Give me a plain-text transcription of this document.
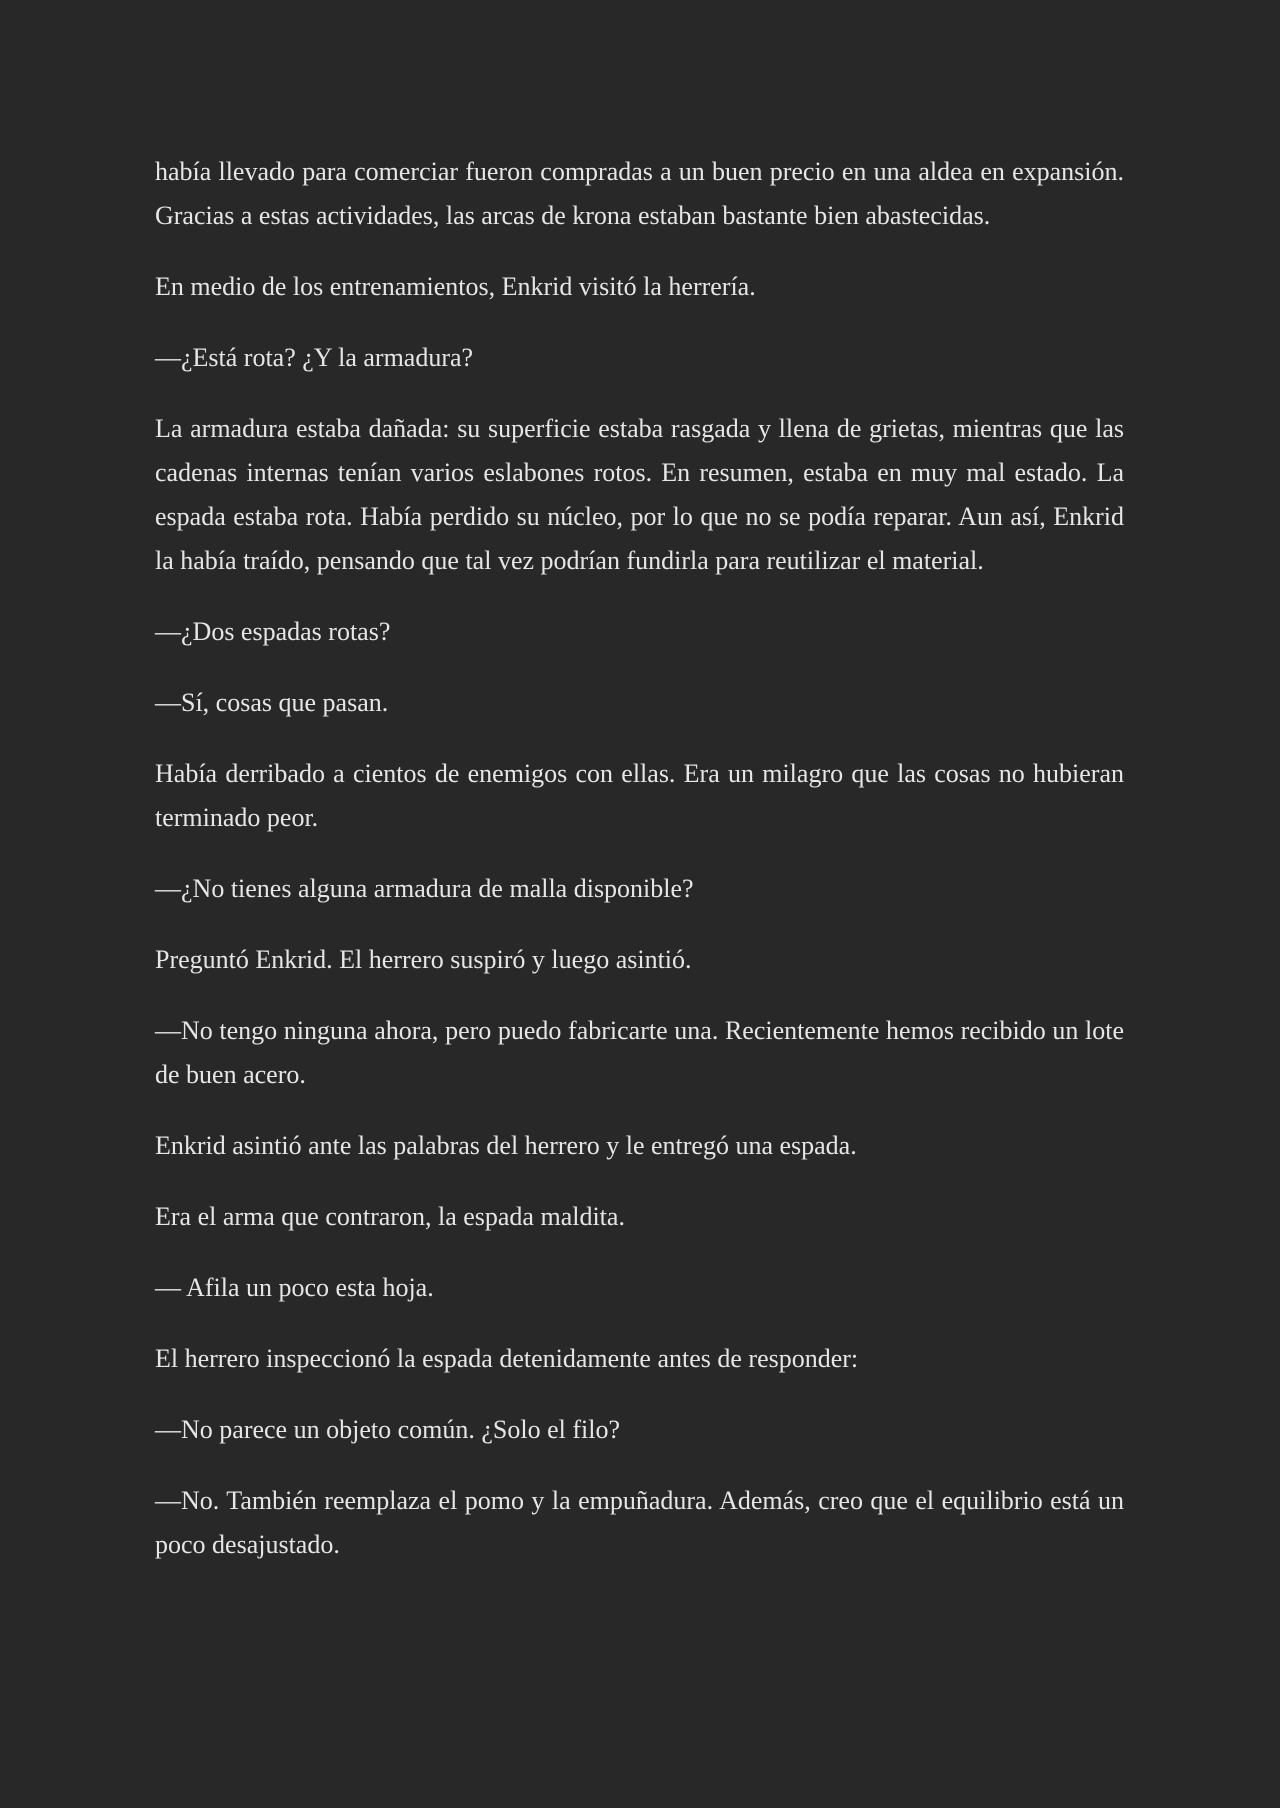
había llevado para comerciar fueron compradas a un buen precio en una aldea en expansión. Gracias a estas actividades, las arcas de krona estaban bastante bien abastecidas.

En medio de los entrenamientos, Enkrid visitó la herrería.

—¿Está rota? ¿Y la armadura?

La armadura estaba dañada: su superficie estaba rasgada y llena de grietas, mientras que las cadenas internas tenían varios eslabones rotos. En resumen, estaba en muy mal estado. La espada estaba rota. Había perdido su núcleo, por lo que no se podía reparar. Aun así, Enkrid la había traído, pensando que tal vez podrían fundirla para reutilizar el material.

—¿Dos espadas rotas?

—Sí, cosas que pasan.

Había derribado a cientos de enemigos con ellas. Era un milagro que las cosas no hubieran terminado peor.

—¿No tienes alguna armadura de malla disponible?

Preguntó Enkrid. El herrero suspiró y luego asintió.

—No tengo ninguna ahora, pero puedo fabricarte una. Recientemente hemos recibido un lote de buen acero.

Enkrid asintió ante las palabras del herrero y le entregó una espada.

Era el arma que contraron, la espada maldita.

— Afila un poco esta hoja.

El herrero inspeccionó la espada detenidamente antes de responder:

—No parece un objeto común. ¿Solo el filo?

—No. También reemplaza el pomo y la empuñadura. Además, creo que el equilibrio está un poco desajustado.
